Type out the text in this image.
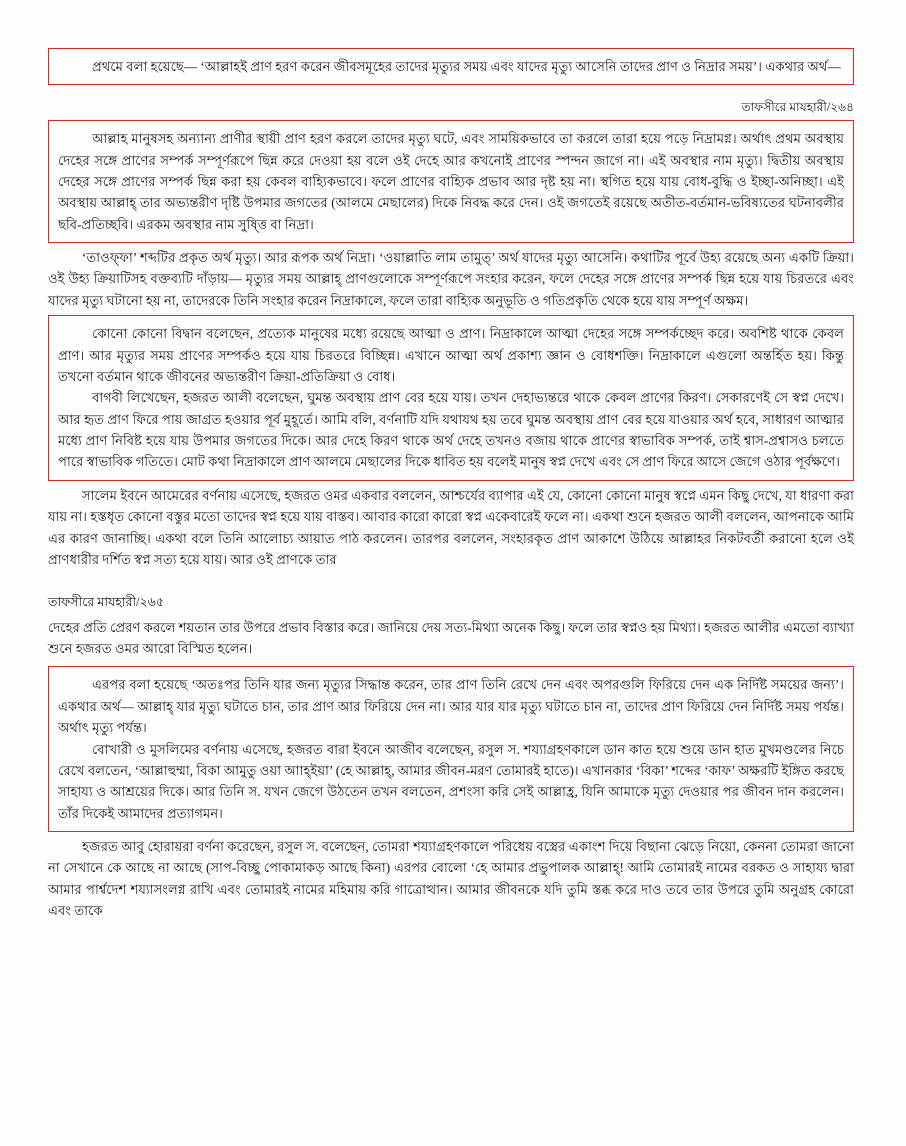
প্রথমে বলা হয়েছে— ‘আল্লাহই প্রাণ হরণ করেন জীবসমূহের তাদের মৃত্যুর সময় এবং যাদের মৃত্যু আসেনি তাদের প্রাণ ও নিদ্রার সময়’। একথার অর্থ—

তাফসীরে মাযহারী/২৬৪

আল্লাহ মানুষসহ অন্যান্য প্রাণীর স্থায়ী প্রাণ হরণ করলে তাদের মৃত্যু ঘটে, এবং সাময়িকভাবে তা করলে তারা হয়ে পড়ে নিদ্রামগ্ন। অর্থাৎ প্রথম অবস্থায় দেহের সঙ্গে প্রাণের সম্পর্ক সম্পূর্ণরূপে ছিন্ন করে দেওয়া হয় বলে ওই দেহে আর কখনোই প্রাণের স্পন্দন জাগে না। এই অবস্থার নাম মৃত্যু। দ্বিতীয় অবস্থায় দেহের সঙ্গে প্রাণের সম্পর্ক ছিন্ন করা হয় কেবল বাহ্যিকভাবে। ফলে প্রাণের বাহ্যিক প্রভাব আর দৃষ্ট হয় না। স্থগিত হয়ে যায় বোধ-বুদ্ধি ও ইচ্ছা-অনিচ্ছা। এই অবস্থায় আল্লাহ্ তার অভ্যন্তরীণ দৃষ্টি উপমার জগতের (আলমে মেছালের) দিকে নিবদ্ধ করে দেন। ওই জগতেই রয়েছে অতীত-বর্তমান-ভবিষ্যতের ঘটনাবলীর ছবি-প্রতিচ্ছবি। এরকম অবস্থার নাম সুষ্ত্তি বা নিদ্রা।

‘তাওফ্ফা’ শব্দটির প্রকৃত অর্থ মৃত্যু। আর রূপক অর্থ নিদ্রা। ‘ওয়াল্লাতি লাম তামুত্’ অর্থ যাদের মৃত্যু আসেনি। কথাটির পূর্বে উহ্য রয়েছে অন্য একটি ক্রিয়া। ওই উহ্য ক্রিয়াটিসহ বক্তব্যটি দাঁড়ায়— মৃত্যুর সময় আল্লাহ্ প্রাণগুলোকে সম্পূর্ণরূপে সংহার করেন, ফলে দেহের সঙ্গে প্রাণের সম্পর্ক ছিন্ন হয়ে যায় চিরতরে এবং যাদের মৃত্যু ঘটানো হয় না, তাদেরকে তিনি সংহার করেন নিদ্রাকালে, ফলে তারা বাহ্যিক অনুভূতি ও গতিপ্রকৃতি থেকে হয়ে যায় সম্পূর্ণ অক্ষম।

কোনো কোনো বিদ্বান বলেছেন, প্রত্যেক মানুষের মধ্যে রয়েছে আত্মা ও প্রাণ। নিদ্রাকালে আত্মা দেহের সঙ্গে সম্পর্কচ্ছেদ করে। অবশিষ্ট থাকে কেবল প্রাণ। আর মৃত্যুর সময় প্রাণের সম্পর্কও হয়ে যায় চিরতরে বিচ্ছিন্ন। এখানে আত্মা অর্থ প্রকাশ্য জ্ঞান ও বোধশক্তি। নিদ্রাকালে এগুলো অন্তর্হিত হয়। কিন্তু তখনো বর্তমান থাকে জীবনের অভ্যন্তরীণ ক্রিয়া-প্রতিক্রিয়া ও বোধ।

বাগবী লিখেছেন, হজরত আলী বলেছেন, ঘুমন্ত অবস্থায় প্রাণ বের হয়ে যায়। তখন দেহাভ্যন্তরে থাকে কেবল প্রাণের কিরণ। সেকারণেই সে স্বপ্ন দেখে। আর হৃত প্রাণ ফিরে পায় জাগ্রত হওয়ার পূর্ব মুহূর্তে। আমি বলি, বর্ণনাটি যদি যথাযথ হয় তবে ঘুমন্ত অবস্থায় প্রাণ বের হয়ে যাওয়ার অর্থ হবে, সাধারণ আত্মার মধ্যে প্রাণ নিবিষ্ট হয়ে যায় উপমার জগতের দিকে। আর দেহে কিরণ থাকে অর্থ দেহে তখনও বজায় থাকে প্রাণের স্বাভাবিক সম্পর্ক, তাই শ্বাস-প্রশ্বাসও চলতে পারে স্বাভাবিক গতিতে। মোট কথা নিদ্রাকালে প্রাণ আলমে মেছালের দিকে ধাবিত হয় বলেই মানুষ স্বপ্ন দেখে এবং সে প্রাণ ফিরে আসে জেগে ওঠার পূর্বক্ষণে।

সালেম ইবনে আমেরের বর্ণনায় এসেছে, হজরত ওমর একবার বললেন, আশ্চর্যের ব্যাপার এই যে, কোনো কোনো মানুষ স্বপ্নে এমন কিছু দেখে, যা ধারণা করা যায় না। হস্তধৃত কোনো বস্তুর মতো তাদের স্বপ্ন হয়ে যায় বাস্তব। আবার কারো কারো স্বপ্ন একেবারেই ফলে না। একথা শুনে হজরত আলী বললেন, আপনাকে আমি এর কারণ জানাচ্ছি। একথা বলে তিনি আলোচ্য আয়াত পাঠ করলেন। তারপর বললেন, সংহারকৃত প্রাণ আকাশে উঠিয়ে আল্লাহর নিকটবর্তী করানো হলে ওই প্রাণধারীর দর্শিত স্বপ্ন সত্য হয়ে যায়। আর ওই প্রাণকে তার

তাফসীরে মাযহারী/২৬৫

দেহের প্রতি প্রেরণ করলে শয়তান তার উপরে প্রভাব বিস্তার করে। জানিয়ে দেয় সত্য-মিথ্যা অনেক কিছু। ফলে তার স্বপ্নও হয় মিথ্যা। হজরত আলীর এমতো ব্যাখ্যা শুনে হজরত ওমর আরো বিস্মিত হলেন।

এরপর বলা হয়েছে ‘অতঃপর তিনি যার জন্য মৃত্যুর সিদ্ধান্ত করেন, তার প্রাণ তিনি রেখে দেন এবং অপরগুলি ফিরিয়ে দেন এক নির্দিষ্ট সময়ের জন্য’। একথার অর্থ— আল্লাহ্ যার মৃত্যু ঘটাতে চান, তার প্রাণ আর ফিরিয়ে দেন না। আর যার যার মৃত্যু ঘটাতে চান না, তাদের প্রাণ ফিরিয়ে দেন নির্দিষ্ট সময় পর্যন্ত। অর্থাৎ মৃত্যু পর্যন্ত।

বোখারী ও মুসলিমের বর্ণনায় এসেছে, হজরত বারা ইবনে আজীব বলেছেন, রসুল স. শয্যাগ্রহণকালে ডান কাত হয়ে শুয়ে ডান হাত মুখমণ্ডলের নিচে রেখে বলতেন, ‘আল্লাহুম্মা, বিকা আমুতু ওয়া আাহ্ইয়া’ (হে আল্লাহ্, আমার জীবন-মরণ তোমারই হাতে)। এখানকার ‘বিকা’ শব্দের ‘কাফ’ অক্ষরটি ইঙ্গিত করছে সাহায্য ও আশ্রয়ের দিকে। আর তিনি স. যখন জেগে উঠতেন তখন বলতেন, প্রশংসা করি সেই আল্লাহ্র, যিনি আমাকে মৃত্যু দেওয়ার পর জীবন দান করলেন। তাঁর দিকেই আমাদের প্রত্যাগমন।

হজরত আবু হোরায়রা বর্ণনা করেছেন, রসুল স. বলেছেন, তোমরা শয্যাগ্রহণকালে পরিধেয় বস্ত্রের একাংশ দিয়ে বিছানা ঝেড়ে নিয়ো, কেননা তোমরা জানো না সেখানে কে আছে না আছে (সাপ-বিচ্ছু পোকামাকড় আছে কিনা) এরপর বোলো ‘হে আমার প্রভুপালক আল্লাহ্! আমি তোমারই নামের বরকত ও সাহায্য দ্বারা আমার পার্শ্বদেশ শয্যাসংলগ্ন রাখি এবং তোমারই নামের মহিমায় করি গাত্রোত্থান। আমার জীবনকে যদি তুমি স্তব্ধ করে দাও তবে তার উপরে তুমি অনুগ্রহ কোরো এবং তাকে
